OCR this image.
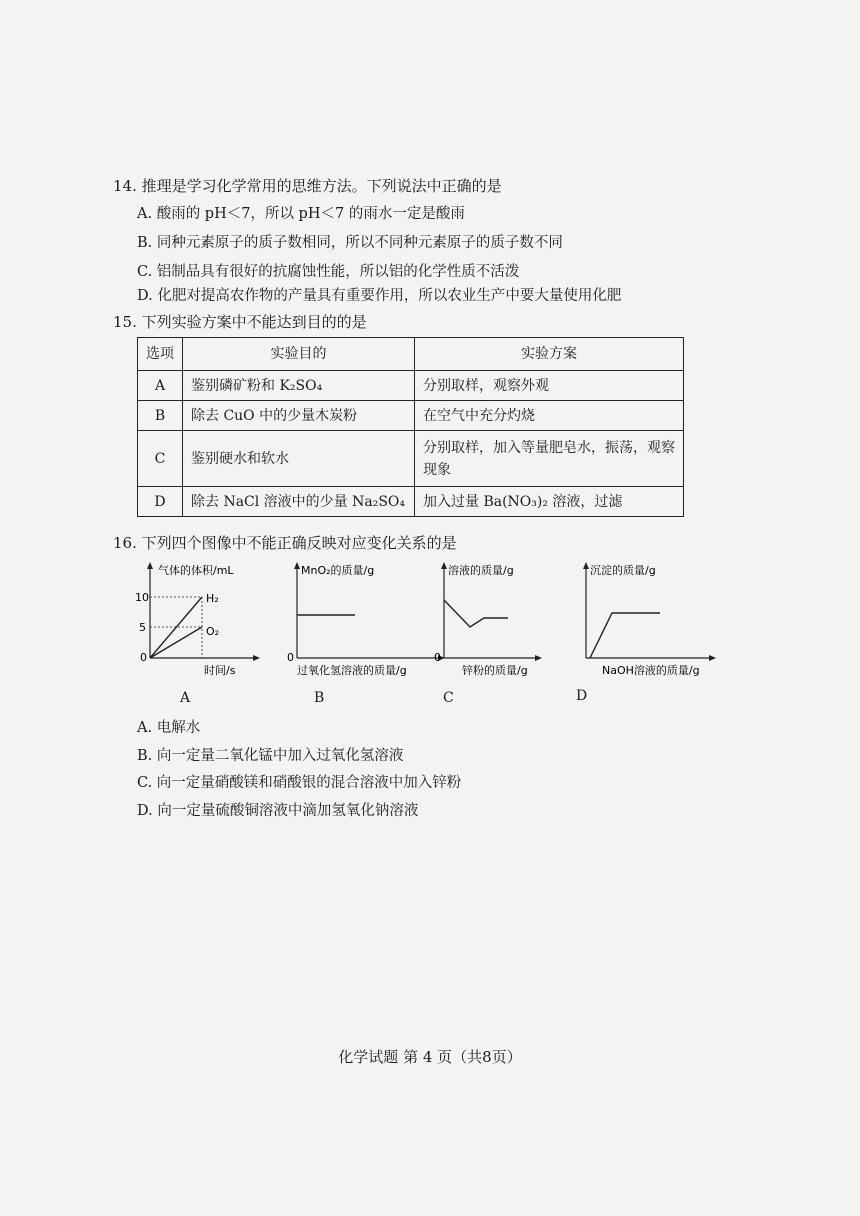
14. 推理是学习化学常用的思维方法。下列说法中正确的是
A. 酸雨的 pH＜7，所以 pH＜7 的雨水一定是酸雨
B. 同种元素原子的质子数相同，所以不同种元素原子的质子数不同
C. 铝制品具有很好的抗腐蚀性能，所以铝的化学性质不活泼
D. 化肥对提高农作物的产量具有重要作用，所以农业生产中要大量使用化肥
15. 下列实验方案中不能达到目的的是
选项	实验目的	实验方案
A	鉴别磷矿粉和 K₂SO₄	分别取样，观察外观
B	除去 CuO 中的少量木炭粉	在空气中充分灼烧
C	鉴别硬水和软水	分别取样，加入等量肥皂水，振荡，观察现象
D	除去 NaCl 溶液中的少量 Na₂SO₄	加入过量 Ba(NO₃)₂ 溶液，过滤
16. 下列四个图像中不能正确反映对应变化关系的是
气体的体积/mL
10
5
0
H₂
O₂
时间/s
A
MnO₂的质量/g
0
过氧化氢溶液的质量/g
B
溶液的质量/g
0
锌粉的质量/g
C
沉淀的质量/g
NaOH溶液的质量/g
D
A. 电解水
B. 向一定量二氧化锰中加入过氧化氢溶液
C. 向一定量硝酸镁和硝酸银的混合溶液中加入锌粉
D. 向一定量硫酸铜溶液中滴加氢氧化钠溶液
化学试题 第 4 页（共8页）
